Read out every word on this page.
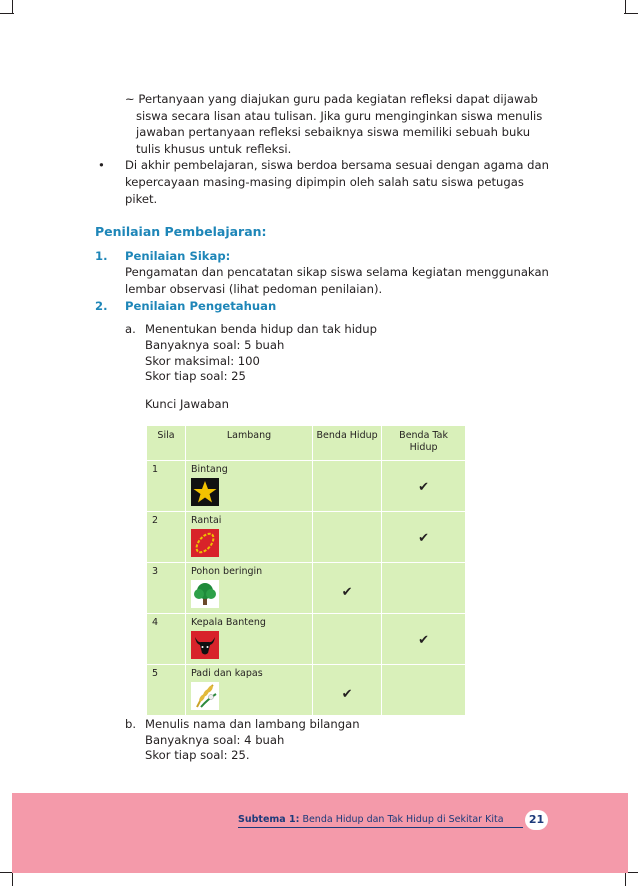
~ Pertanyaan yang diajukan guru pada kegiatan refleksi dapat dijawab
siswa secara lisan atau tulisan. Jika guru menginginkan siswa menulis
jawaban pertanyaan refleksi sebaiknya siswa memiliki sebuah buku
tulis khusus untuk refleksi.
• Di akhir pembelajaran, siswa berdoa bersama sesuai dengan agama dan
kepercayaan masing-masing dipimpin oleh salah satu siswa petugas
piket.
Penilaian Pembelajaran:
1. Penilaian Sikap:
Pengamatan dan pencatatan sikap siswa selama kegiatan menggunakan
lembar observasi (lihat pedoman penilaian).
2. Penilaian Pengetahuan
a. Menentukan benda hidup dan tak hidup
Banyaknya soal: 5 buah
Skor maksimal: 100
Skor tiap soal: 25
Kunci Jawaban
Sila	Lambang	Benda Hidup	Benda Tak Hidup
1	Bintang		✔

2	Rantai		✔

3	Pohon beringin	✔	

4	Kepala Banteng		✔

5	Padi dan kapas	✔	

b. Menulis nama dan lambang bilangan
Banyaknya soal: 4 buah
Skor tiap soal: 25.
Subtema 1: Benda Hidup dan Tak Hidup di Sekitar Kita	21
